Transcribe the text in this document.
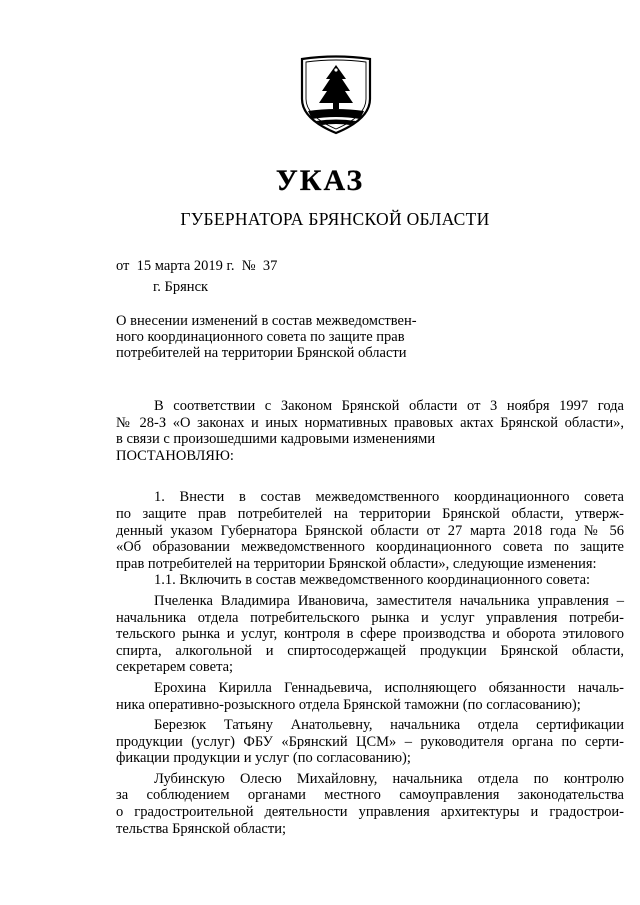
УКАЗ
ГУБЕРНАТОРА БРЯНСКОЙ ОБЛАСТИ
от  15 марта 2019 г.  №  37
г. Брянск
О внесении изменений в состав межведомствен-
ного координационного совета по защите прав
потребителей на территории Брянской области
В соответствии с Законом Брянской области от 3 ноября 1997 года
№ 28-З «О законах и иных нормативных правовых актах Брянской области»,
в связи с произошедшими кадровыми изменениями
ПОСТАНОВЛЯЮ:
1. Внести в состав межведомственного координационного совета
по защите прав потребителей на территории Брянской области, утверж-
денный указом Губернатора Брянской области от 27 марта 2018 года № 56
«Об образовании межведомственного координационного совета по защите
прав потребителей на территории Брянской области», следующие изменения:
1.1. Включить в состав межведомственного координационного совета:
Пчеленка Владимира Ивановича, заместителя начальника управления –
начальника отдела потребительского рынка и услуг управления потреби-
тельского рынка и услуг, контроля в сфере производства и оборота этилового
спирта, алкогольной и спиртосодержащей продукции Брянской области,
секретарем совета;
Ерохина Кирилла Геннадьевича, исполняющего обязанности началь-
ника оперативно-розыскного отдела Брянской таможни (по согласованию);
Березюк Татьяну Анатольевну, начальника отдела сертификации
продукции (услуг) ФБУ «Брянский ЦСМ» – руководителя органа по серти-
фикации продукции и услуг (по согласованию);
Лубинскую Олесю Михайловну, начальника отдела по контролю
за соблюдением органами местного самоуправления законодательства
о градостроительной деятельности управления архитектуры и градострои-
тельства Брянской области;
